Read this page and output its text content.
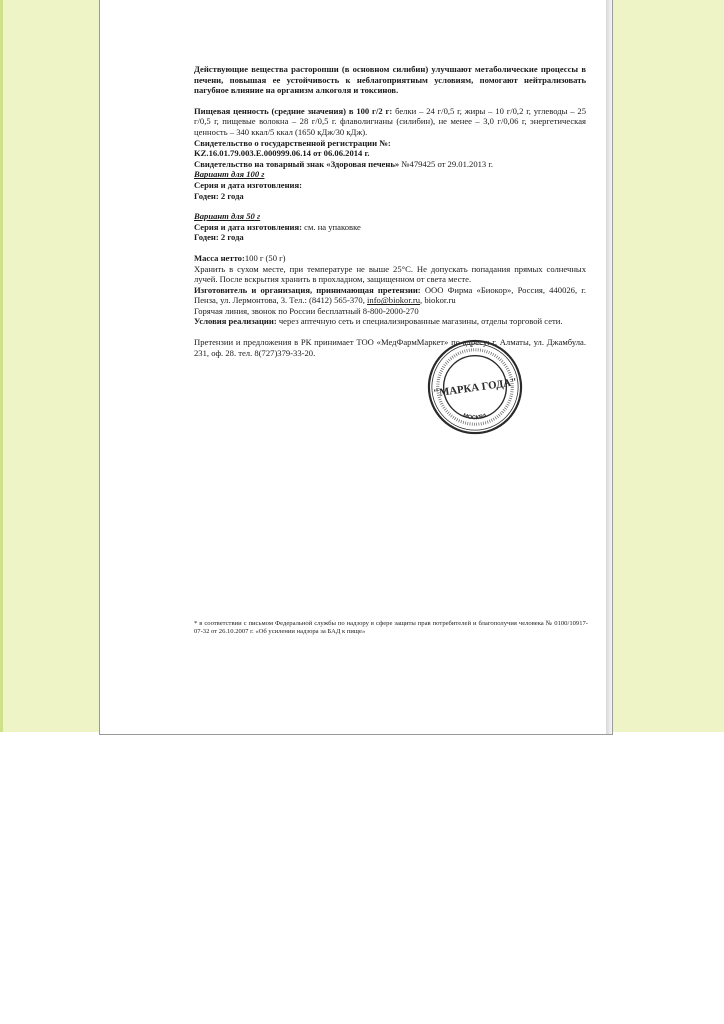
Действующие вещества расторопши (в основном силибин) улучшают метаболические процессы в печени, повышая ее устойчивость к неблагоприятным условиям, помогают нейтрализовать пагубное влияние на организм алкоголя и токсинов.

Пищевая ценность (средние значения) в 100 г/2 г: белки – 24 г/0,5 г, жиры – 10 г/0,2 г, углеводы – 25 г/0,5 г, пищевые волокна – 28 г/0,5 г. флаволигнаны (силибин), не менее – 3,0 г/0,06 г, энергетическая ценность – 340 ккал/5 ккал (1650 кДж/30 кДж).

Свидетельство о государственной регистрации №:

KZ.16.01.79.003.E.000999.06.14 от 06.06.2014 г.

Свидетельство на товарный знак «Здоровая печень» №479425 от 29.01.2013 г.

Вариант для 100 г

Серия и дата изготовления:

Годен: 2 года

Вариант для 50 г

Серия и дата изготовления: см. на упаковке

Годен: 2 года

Масса нетто:100 г (50 г)

Хранить в сухом месте, при температуре не выше 25°С. Не допускать попадания прямых солнечных лучей. После вскрытия хранить в прохладном, защищенном от света месте.

Изготовитель и организация, принимающая претензии: ООО Фирма «Биокор», Россия, 440026, г. Пенза, ул. Лермонтова, 3. Тел.: (8412) 565-370, info@biokor.ru, biokor.ru

Горячая линия, звонок по России бесплатный 8-800-2000-270

Условия реализации: через аптечную сеть и специализированные магазины, отделы торговой сети.

Претензии и предложения в РК принимает ТОО «МедФармМаркет» по адресу: г. Алматы, ул. Джамбула. 231, оф. 28. тел. 8(727)379-33-20.

"МАРКА ГОДА"
МОСКВА

* в соответствии с письмом Федеральной службы по надзору в сфере защиты прав потребителей и благополучия человека № 0100/10917-07-32 от 26.10.2007 г. «Об усилении надзора за БАД к пище»
